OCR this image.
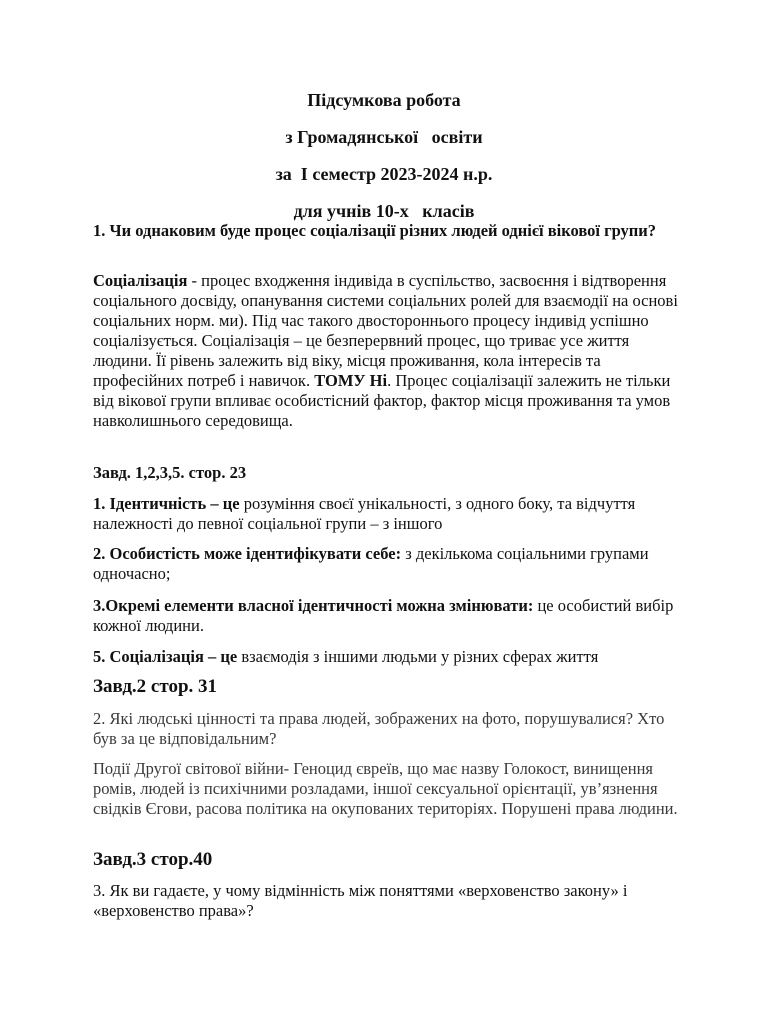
Підсумкова робота
з Громадянської   освіти
за  І семестр 2023-2024 н.р.
для учнів 10-х   класів
1. Чи однаковим буде процес соціалізації різних людей однієї вікової групи?
Соціалізація - процес входження індивіда в суспільство, засвоєння і відтворення соціального досвіду, опанування системи соціальних ролей для взаємодії на основі соціальних норм. ми). Під час такого двостороннього процесу індивід успішно соціалізується. Соціалізація – це безперервний процес, що триває усе життя людини. Її рівень залежить від віку, місця проживання, кола інтересів та професійних потреб і навичок. ТОМУ Ні. Процес соціалізації залежить не тільки від вікової групи впливає особистісний фактор, фактор місця проживання та умов навколишнього середовища.
Завд. 1,2,3,5. стор. 23
1. Ідентичність – це розуміння своєї унікальності, з одного боку, та відчуття належності до певної соціальної групи – з іншого
2. Особистість може ідентифікувати себе: з декількома соціальними групами одночасно;
3.Окремі елементи власної ідентичності можна змінювати: це особистий вибір кожної людини.
5. Соціалізація – це взаємодія з іншими людьми у різних сферах життя
Завд.2 стор. 31
2. Які людські цінності та права людей, зображених на фото, порушувалися? Хто був за це відповідальним?
Події Другої світової війни- Геноцид євреїв, що має назву Голокост, винищення ромів, людей із психічними розладами, іншої сексуальної орієнтації, ув’язнення свідків Єгови, расова політика на окупованих територіях. Порушені права людини.
Завд.3 стор.40
3. Як ви гадаєте, у чому відмінність між поняттями «верховенство закону» і «верховенство права»?
